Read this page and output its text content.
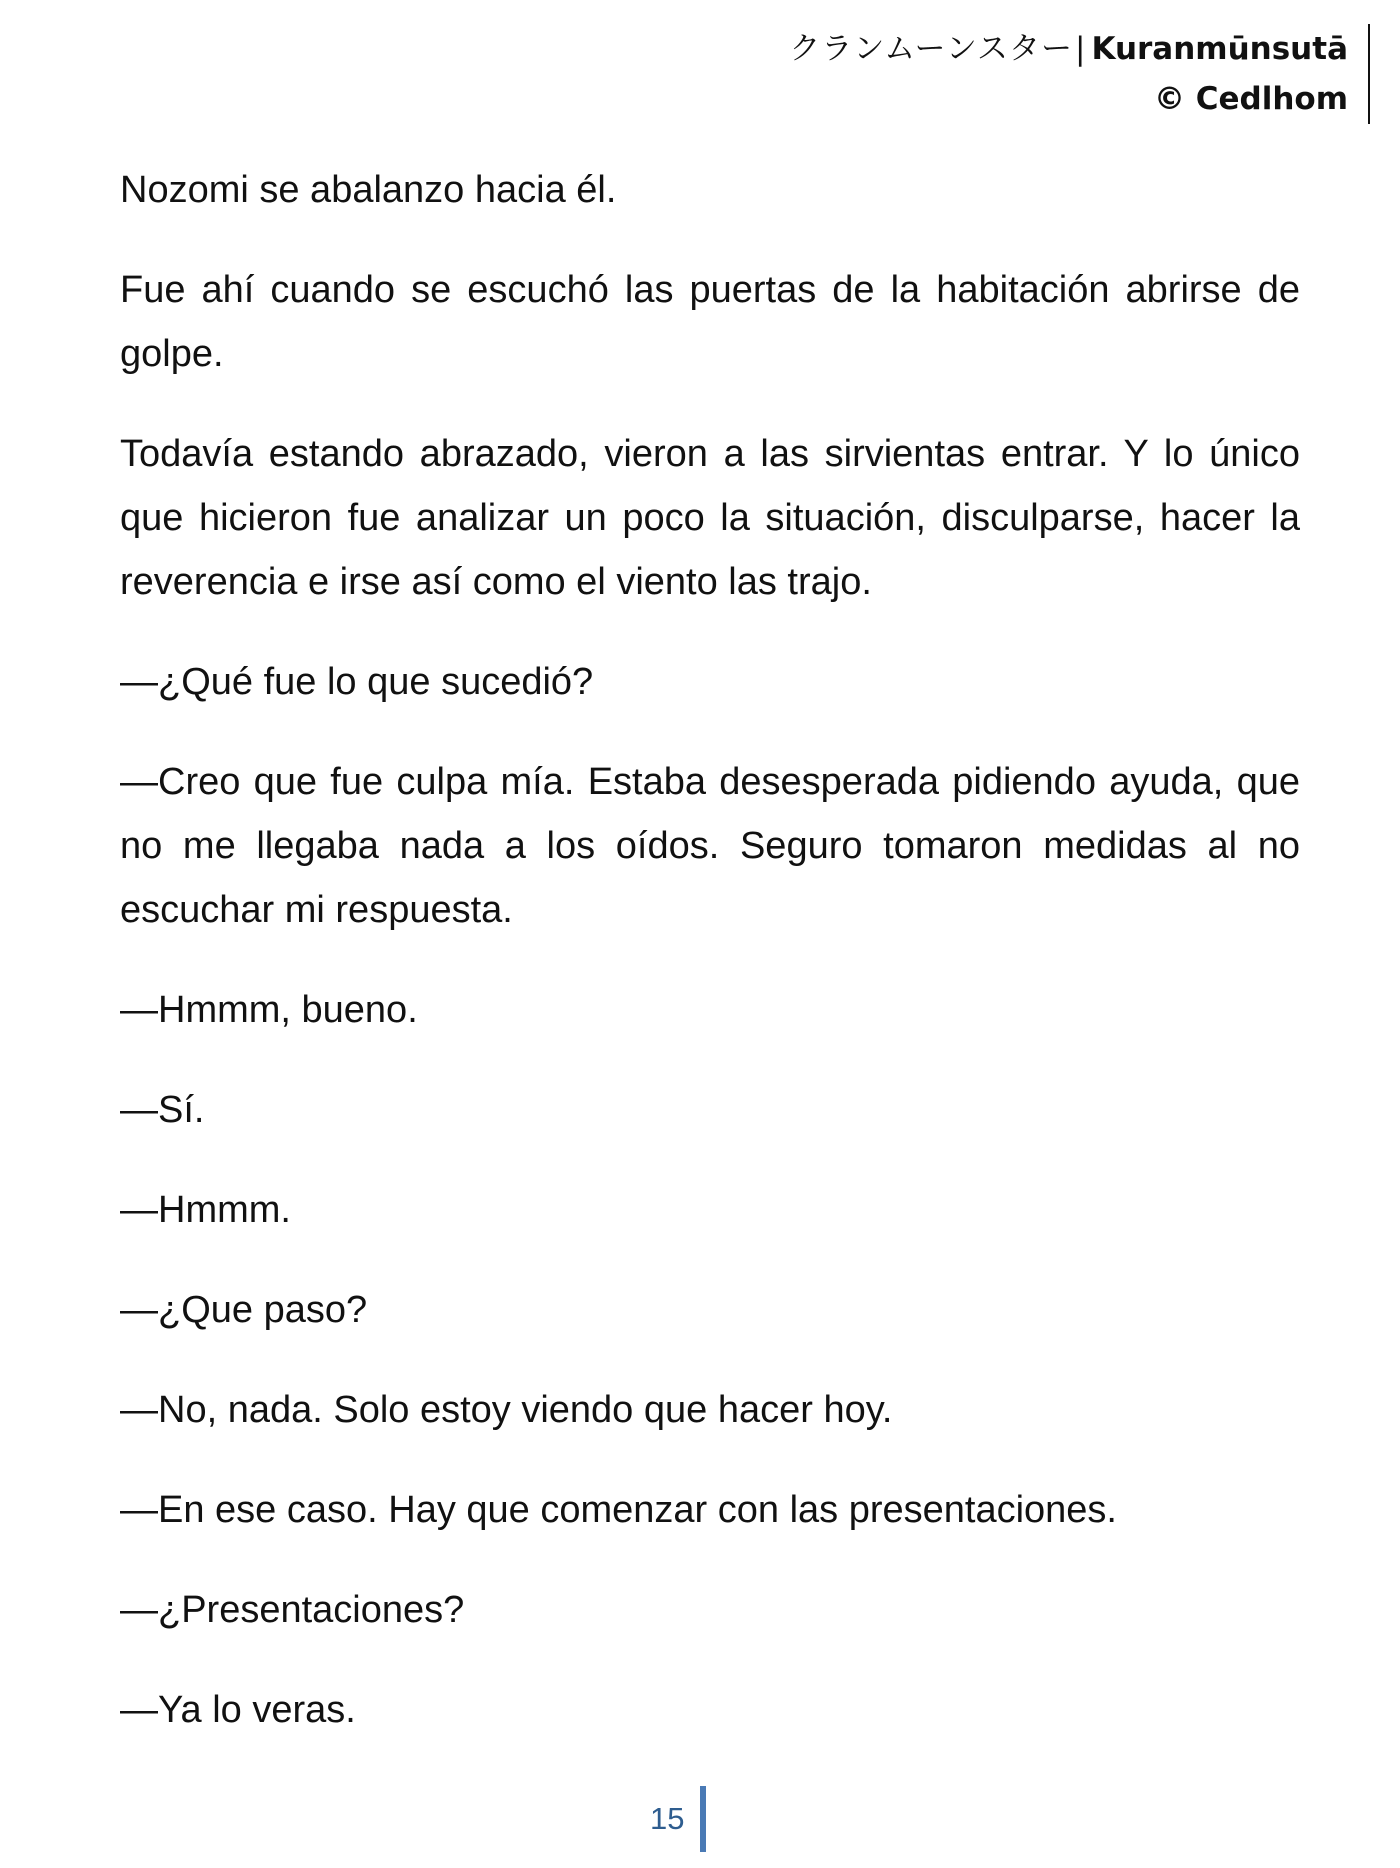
クランムーンスター| Kuranmūnsutā
© Cedlhom

Nozomi se abalanzo hacia él.

Fue ahí cuando se escuchó las puertas de la habitación abrirse de golpe.

Todavía estando abrazado, vieron a las sirvientas entrar. Y lo único que hicieron fue analizar un poco la situación, disculparse, hacer la reverencia e irse así como el viento las trajo.

—¿Qué fue lo que sucedió?

—Creo que fue culpa mía. Estaba desesperada pidiendo ayuda, que no me llegaba nada a los oídos. Seguro tomaron medidas al no escuchar mi respuesta.

—Hmmm, bueno.

—Sí.

—Hmmm.

—¿Que paso?

—No, nada. Solo estoy viendo que hacer hoy.

—En ese caso. Hay que comenzar con las presentaciones.

—¿Presentaciones?

—Ya lo veras.

15
